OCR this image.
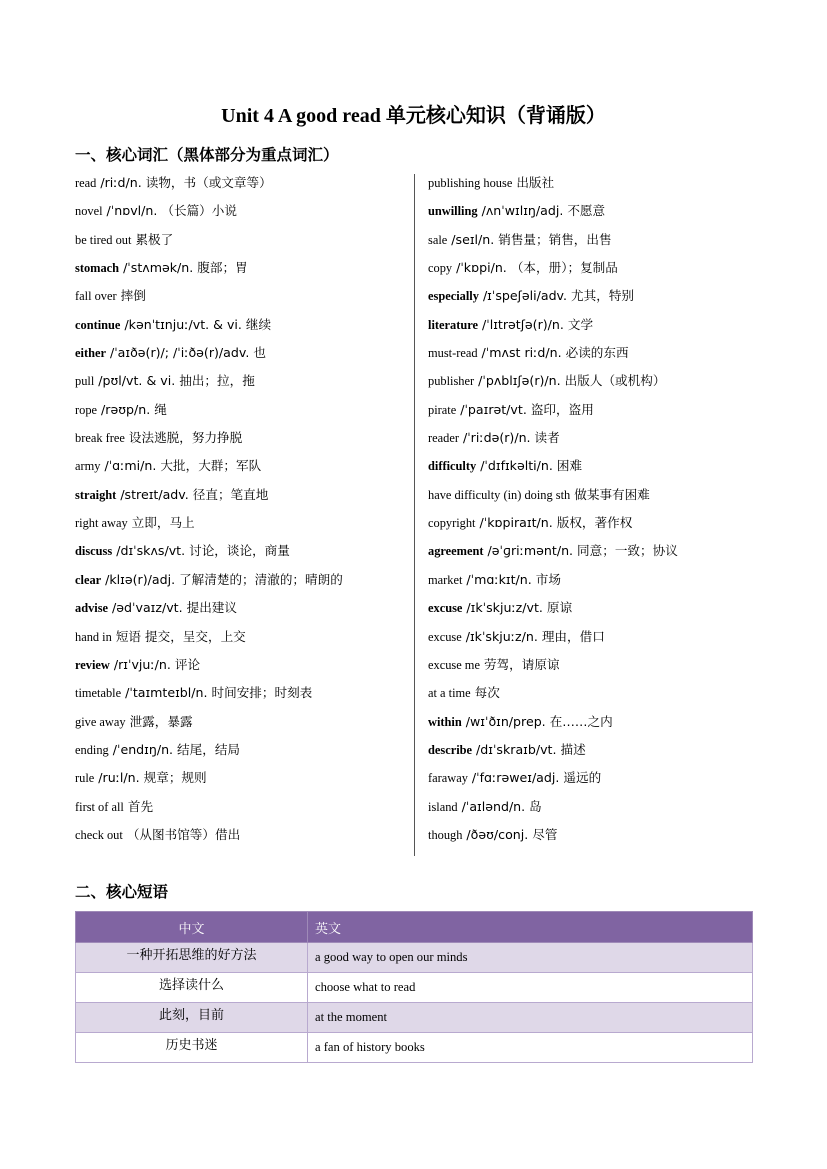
Unit 4 A good read 单元核心知识（背诵版）
一、核心词汇（黑体部分为重点词汇）
read /riːd/n. 读物，书（或文章等）
novel /ˈnɒvl/n. （长篇）小说
be tired out 累极了
stomach /ˈstʌmək/n. 腹部；胃
fall over 摔倒
continue /kənˈtɪnjuː/vt. & vi. 继续
either /ˈaɪðə(r)/; /ˈiːðə(r)/adv. 也
pull /pʊl/vt. & vi. 抽出；拉，拖
rope /rəʊp/n. 绳
break free 设法逃脱，努力挣脱
army /ˈɑːmi/n. 大批，大群；军队
straight /streɪt/adv. 径直；笔直地
right away 立即，马上
discuss /dɪˈskʌs/vt. 讨论，谈论，商量
clear /klɪə(r)/adj. 了解清楚的；清澈的；晴朗的
advise /ədˈvaɪz/vt. 提出建议
hand in 短语 提交，呈交，上交
review /rɪˈvjuː/n. 评论
timetable /ˈtaɪmteɪbl/n. 时间安排；时刻表
give away 泄露，暴露
ending /ˈendɪŋ/n. 结尾，结局
rule /ruːl/n. 规章；规则
first of all 首先
check out （从图书馆等）借出
publishing house 出版社
unwilling /ʌnˈwɪlɪŋ/adj. 不愿意
sale /seɪl/n. 销售量；销售，出售
copy /ˈkɒpi/n. （本，册）；复制品
especially /ɪˈspeʃəli/adv. 尤其，特别
literature /ˈlɪtrətʃə(r)/n. 文学
must-read /ˈmʌst riːd/n. 必读的东西
publisher /ˈpʌblɪʃə(r)/n. 出版人（或机构）
pirate /ˈpaɪrət/vt. 盗印，盗用
reader /ˈriːdə(r)/n. 读者
difficulty /ˈdɪfɪkəlti/n. 困难
have difficulty (in) doing sth 做某事有困难
copyright /ˈkɒpiraɪt/n. 版权，著作权
agreement /əˈɡriːmənt/n. 同意；一致；协议
market /ˈmɑːkɪt/n. 市场
excuse /ɪkˈskjuːz/vt. 原谅
excuse /ɪkˈskjuːz/n. 理由，借口
excuse me 劳驾，请原谅
at a time 每次
within /wɪˈðɪn/prep. 在……之内
describe /dɪˈskraɪb/vt. 描述
faraway /ˈfɑːrəweɪ/adj. 遥远的
island /ˈaɪlənd/n. 岛
though /ðəʊ/conj. 尽管
二、核心短语
中文	英文
一种开拓思维的好方法	a good way to open our minds
选择读什么	choose what to read
此刻，目前	at the moment
历史书迷	a fan of history books
